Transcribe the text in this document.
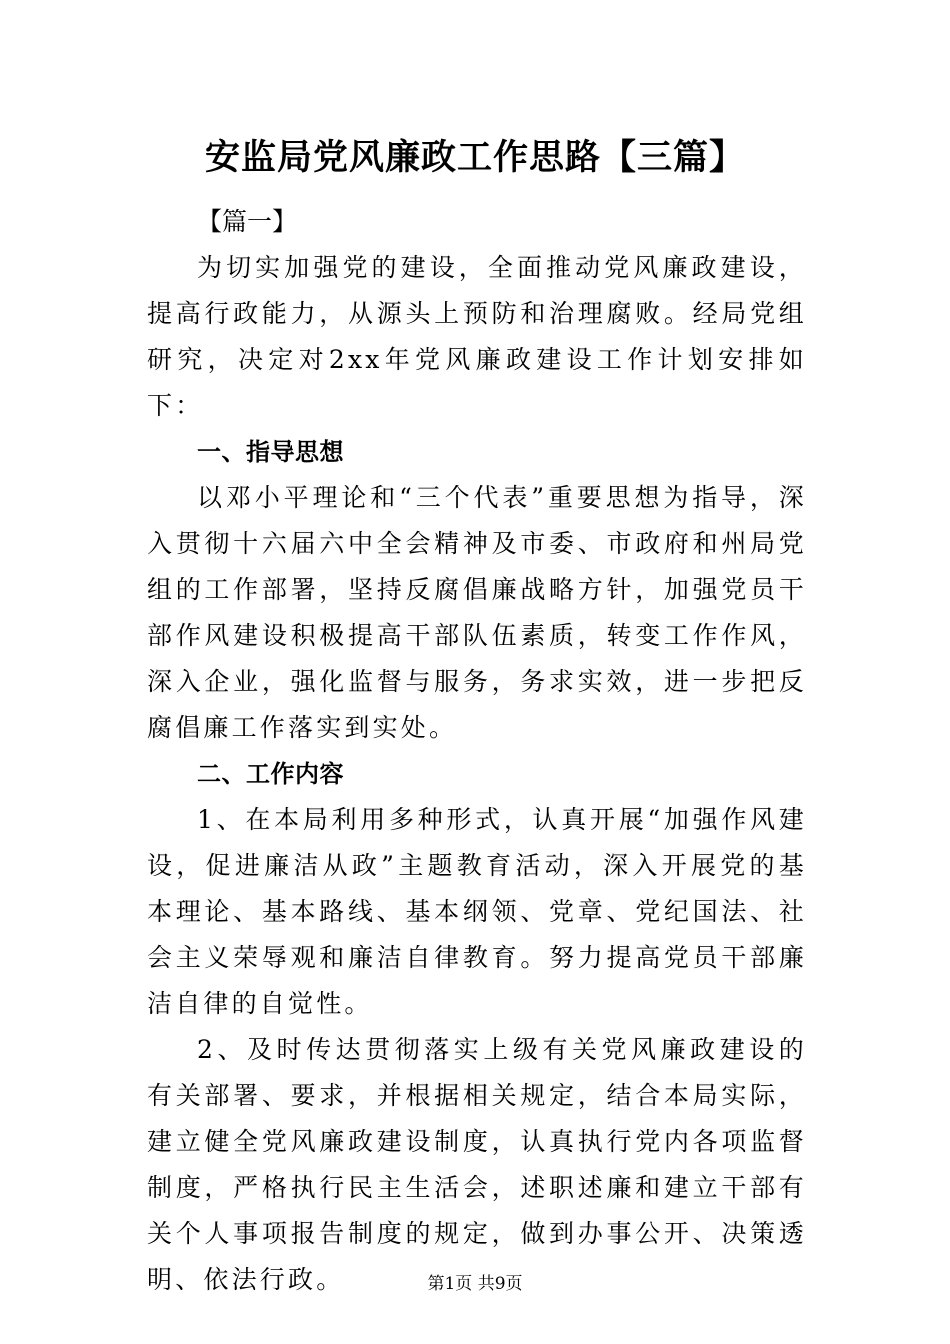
安监局党风廉政工作思路【三篇】

【篇一】

为切实加强党的建设，全面推动党风廉政建设，提高行政能力，从源头上预防和治理腐败。经局党组研究，决定对2xx年党风廉政建设工作计划安排如下：

一、指导思想

以邓小平理论和“三个代表”重要思想为指导，深入贯彻十六届六中全会精神及市委、市政府和州局党组的工作部署，坚持反腐倡廉战略方针，加强党员干部作风建设积极提高干部队伍素质，转变工作作风，深入企业，强化监督与服务，务求实效，进一步把反腐倡廉工作落实到实处。

二、工作内容

1、在本局利用多种形式，认真开展“加强作风建设，促进廉洁从政”主题教育活动，深入开展党的基本理论、基本路线、基本纲领、党章、党纪国法、社会主义荣辱观和廉洁自律教育。努力提高党员干部廉洁自律的自觉性。

2、及时传达贯彻落实上级有关党风廉政建设的有关部署、要求，并根据相关规定，结合本局实际，建立健全党风廉政建设制度，认真执行党内各项监督制度，严格执行民主生活会，述职述廉和建立干部有关个人事项报告制度的规定，做到办事公开、决策透明、依法行政。	第1页 共9页
